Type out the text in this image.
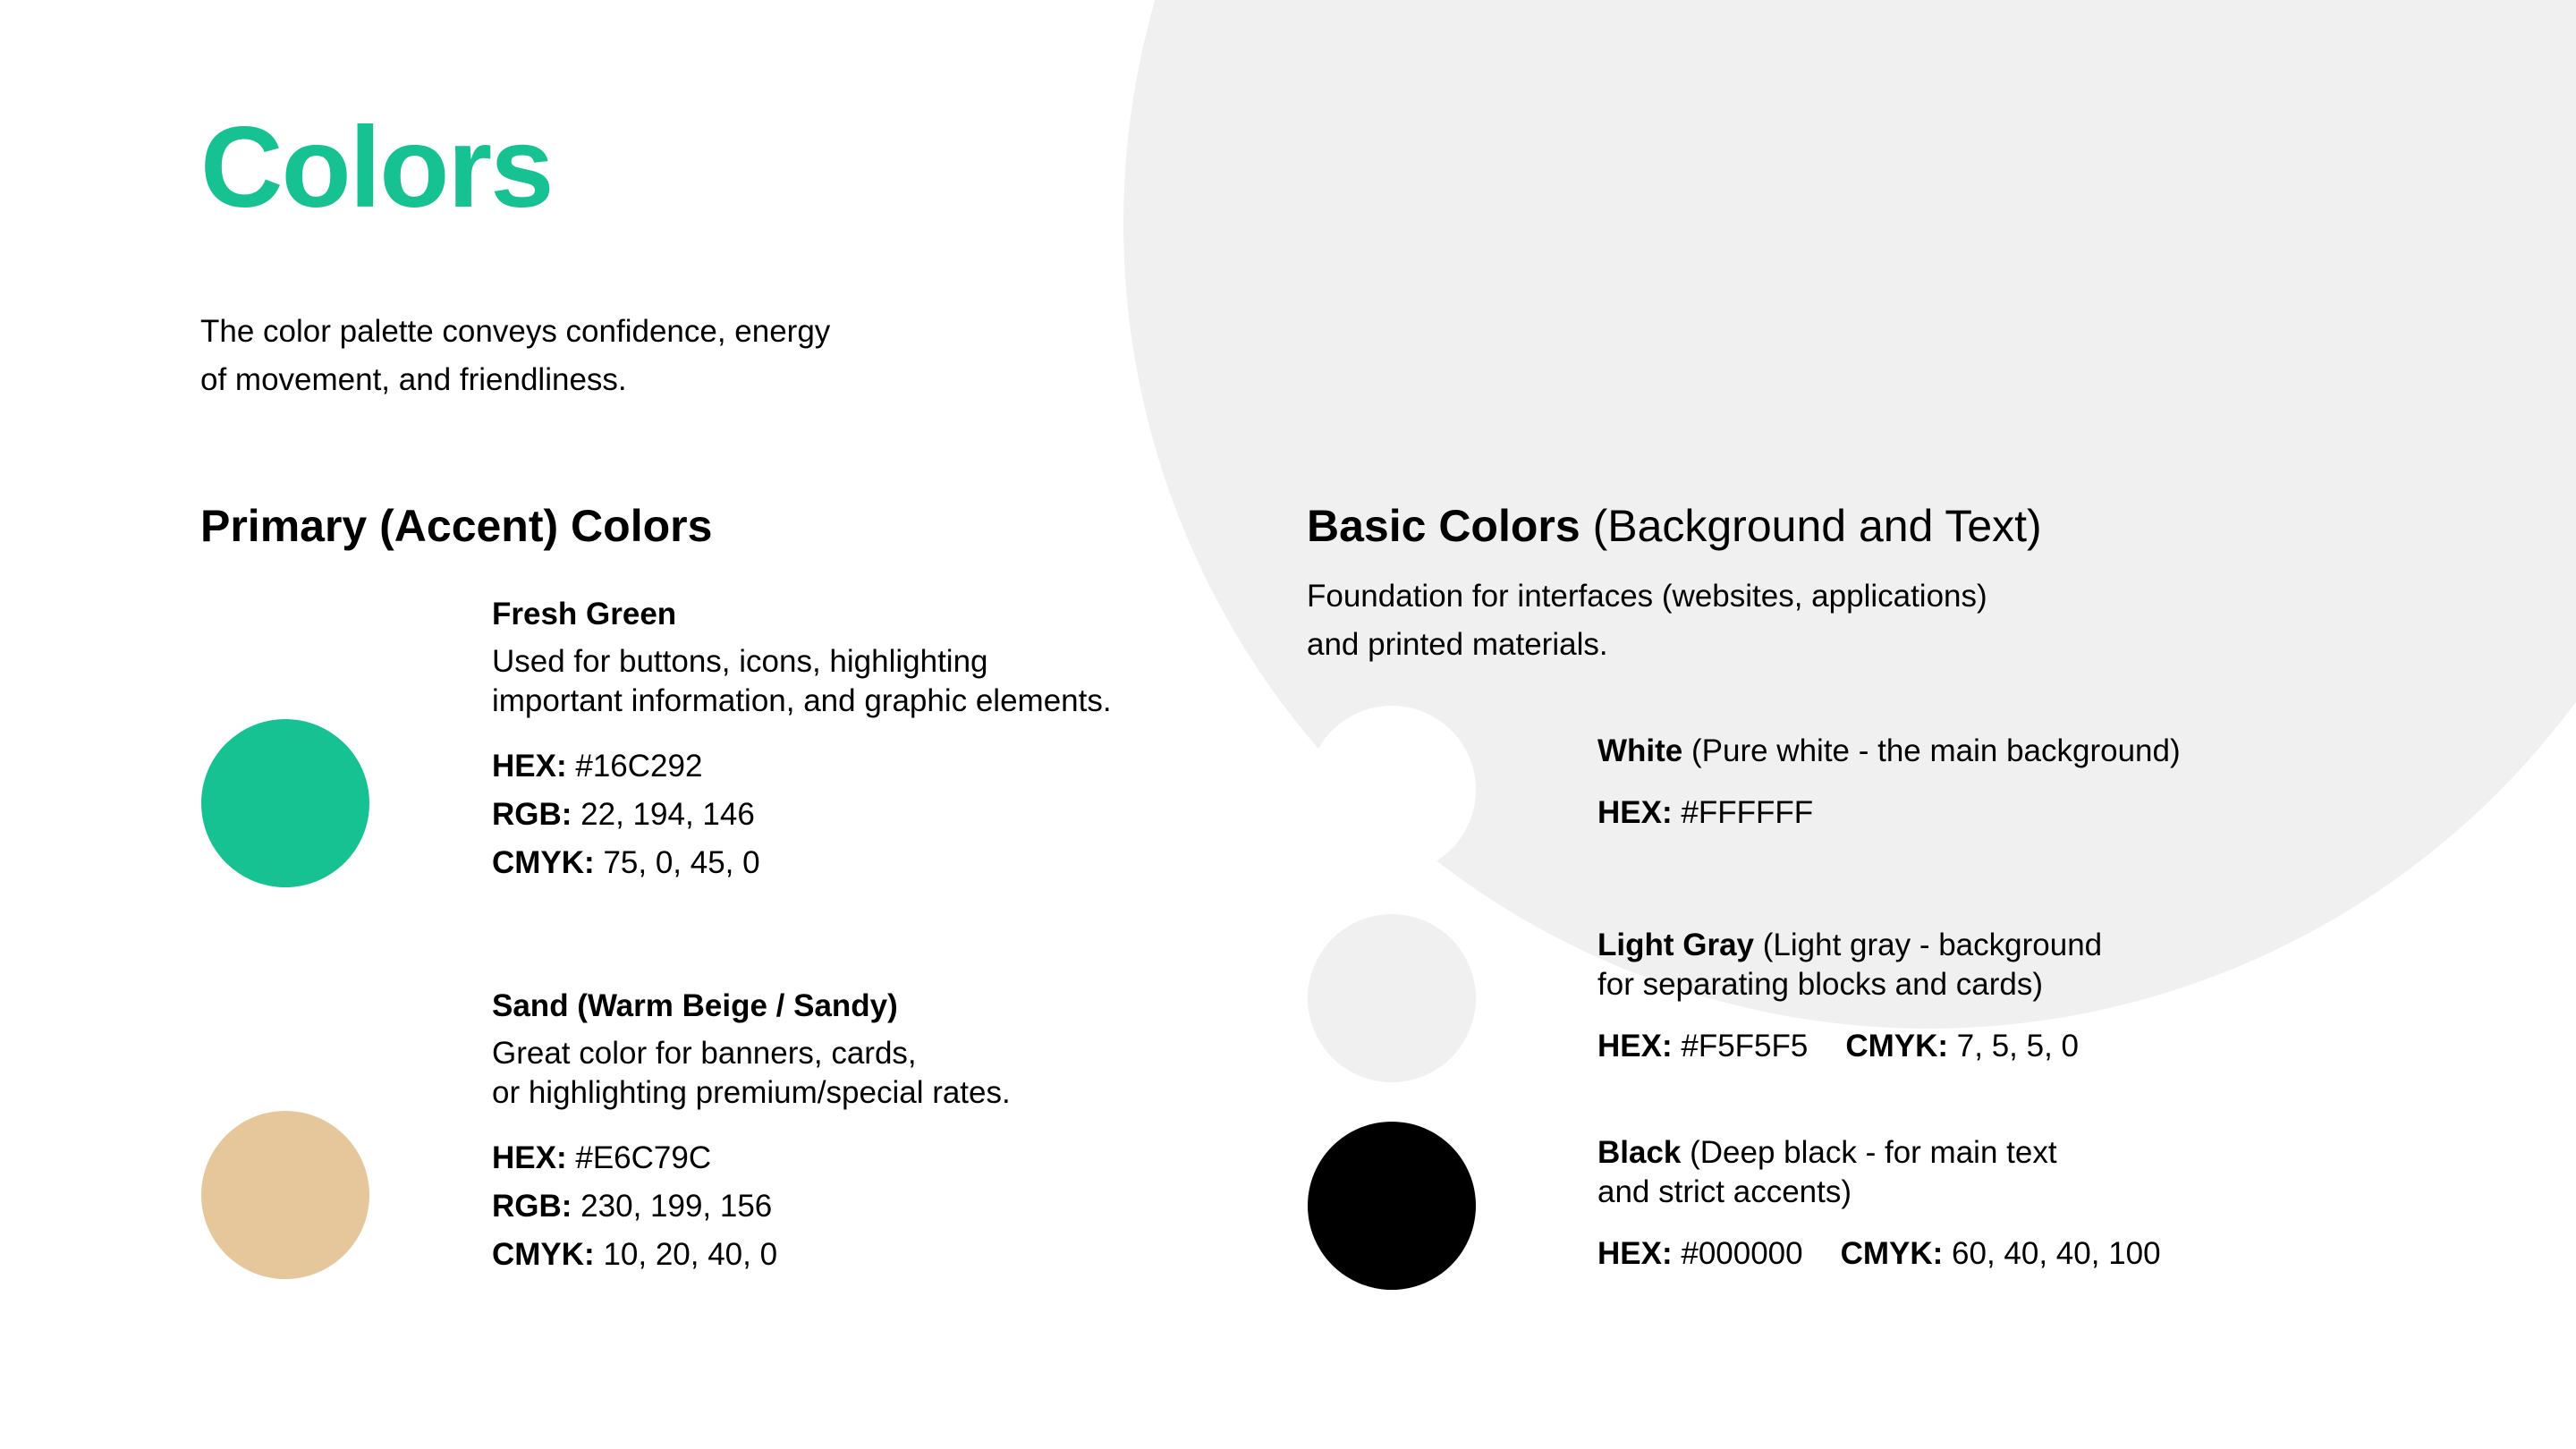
Colors

The color palette conveys confidence, energy
of movement, and friendliness.

Primary (Accent) Colors
Fresh Green
Used for buttons, icons, highlighting
important information, and graphic elements.
HEX: #16C292
RGB: 22, 194, 146
CMYK: 75, 0, 45, 0
Sand (Warm Beige / Sandy)
Great color for banners, cards,
or highlighting premium/special rates.
HEX: #E6C79C
RGB: 230, 199, 156
CMYK: 10, 20, 40, 0
Basic Colors (Background and Text)

Foundation for interfaces (websites, applications)
and printed materials.

White (Pure white - the main background)
HEX: #FFFFFF
Light Gray (Light gray - background
for separating blocks and cards)
HEX: #F5F5F5 CMYK: 7, 5, 5, 0
Black (Deep black - for main text
and strict accents)
HEX: #000000 CMYK: 60, 40, 40, 100
